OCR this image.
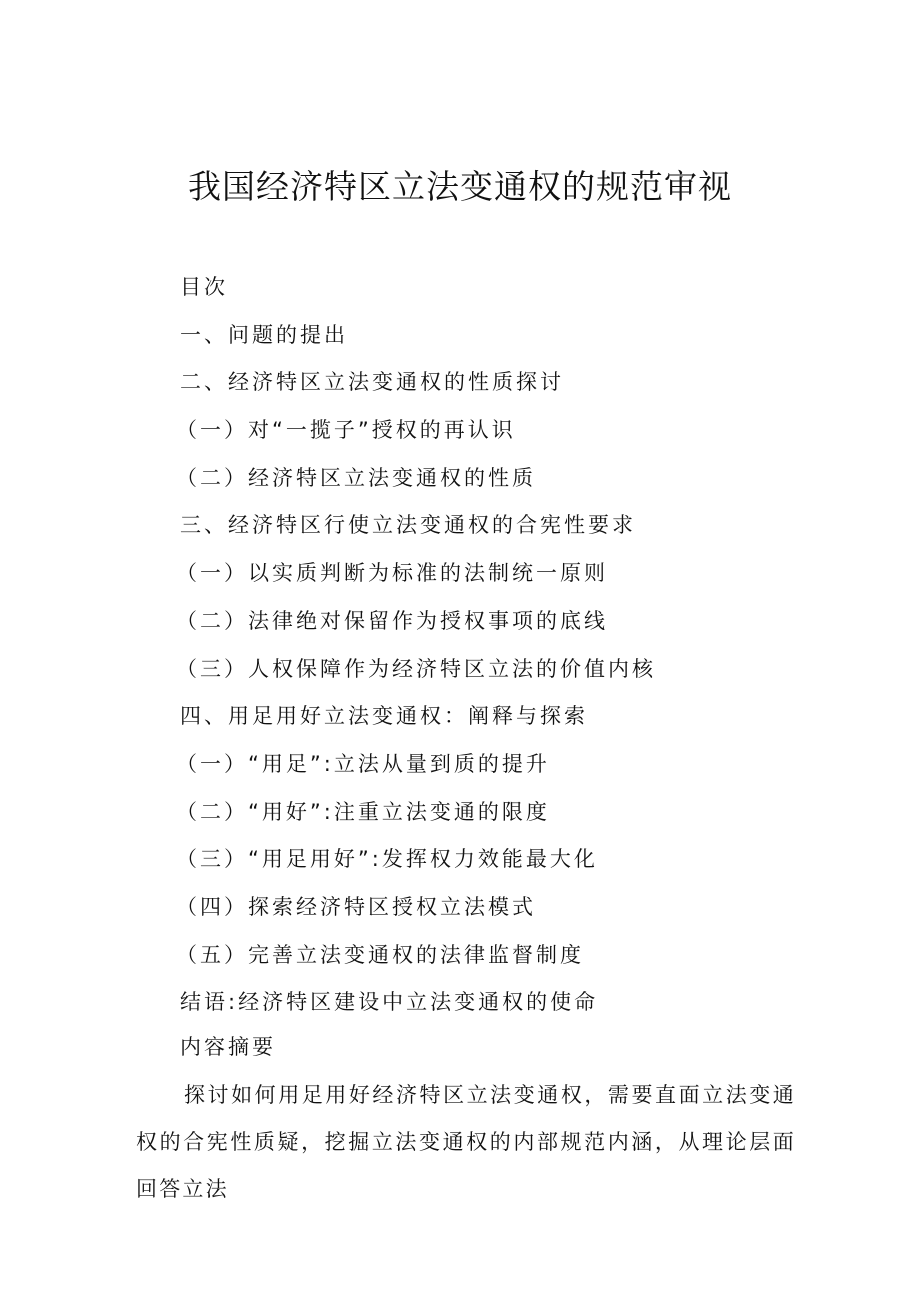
我国经济特区立法变通权的规范审视
目次
一、问题的提出
二、经济特区立法变通权的性质探讨
（一）对“一揽子”授权的再认识
（二）经济特区立法变通权的性质
三、经济特区行使立法变通权的合宪性要求
（一）以实质判断为标准的法制统一原则
（二）法律绝对保留作为授权事项的底线
（三）人权保障作为经济特区立法的价值内核
四、用足用好立法变通权：阐释与探索
（一）“用足”:立法从量到质的提升
（二）“用好”:注重立法变通的限度
（三）“用足用好”:发挥权力效能最大化
（四）探索经济特区授权立法模式
（五）完善立法变通权的法律监督制度
结语:经济特区建设中立法变通权的使命
内容摘要
探讨如何用足用好经济特区立法变通权，需要直面立法变通权的合宪性质疑，挖掘立法变通权的内部规范内涵，从理论层面回答立法
